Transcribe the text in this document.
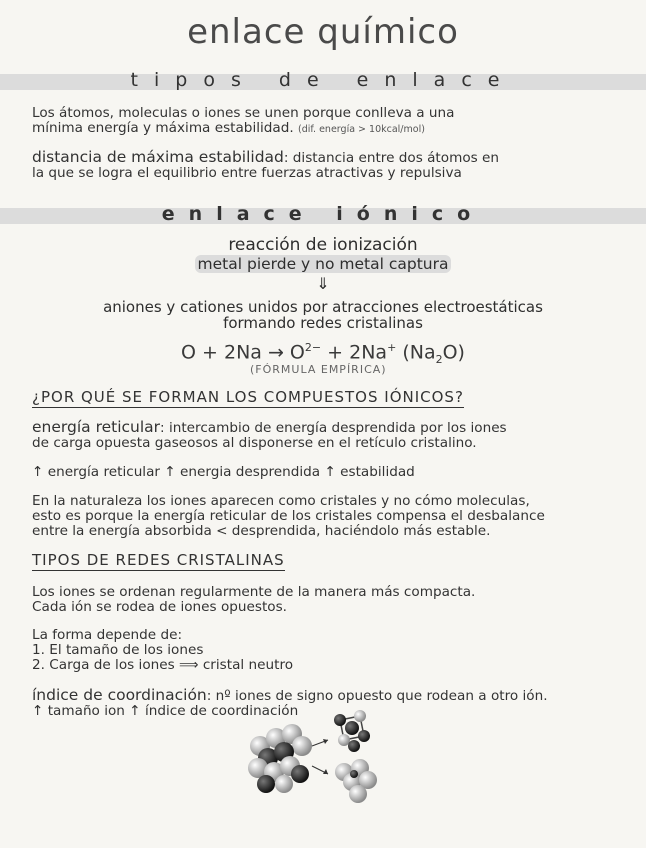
enlace químico
tipos de enlace
Los átomos, moleculas o iones se unen porque conlleva a una
mínima energía y máxima estabilidad. (dif. energía > 10kcal/mol)
distancia de máxima estabilidad: distancia entre dos átomos en
la que se logra el equilibrio entre fuerzas atractivas y repulsiva
enlace iónico
reacción de ionización
metal pierde y no metal captura
⇓
aniones y cationes unidos por atracciones electroestáticas
formando redes cristalinas
$O + 2Na \to O^{2-} + 2Na^+$ $(Na_2O)$
(FÓRMULA EMPÍRICA)
¿POR QUÉ SE FORMAN LOS COMPUESTOS IÓNICOS?
energía reticular: intercambio de energía desprendida por los iones
de carga opuesta gaseosos al disponerse en el retículo cristalino.
↑ energía reticular ↑ energia desprendida ↑ estabilidad
En la naturaleza los iones aparecen como cristales y no cómo moleculas,
esto es porque la energía reticular de los cristales compensa el desbalance
entre la energía absorbida < desprendida, haciéndolo más estable.
TIPOS DE REDES CRISTALINAS
Los iones se ordenan regularmente de la manera más compacta.
Cada ión se rodea de iones opuestos.
La forma depende de:
1. El tamaño de los iones
2. Carga de los iones ⟹ cristal neutro
índice de coordinación: nº iones de signo opuesto que rodean a otro ión.
↑ tamaño ion ↑ índice de coordinación
